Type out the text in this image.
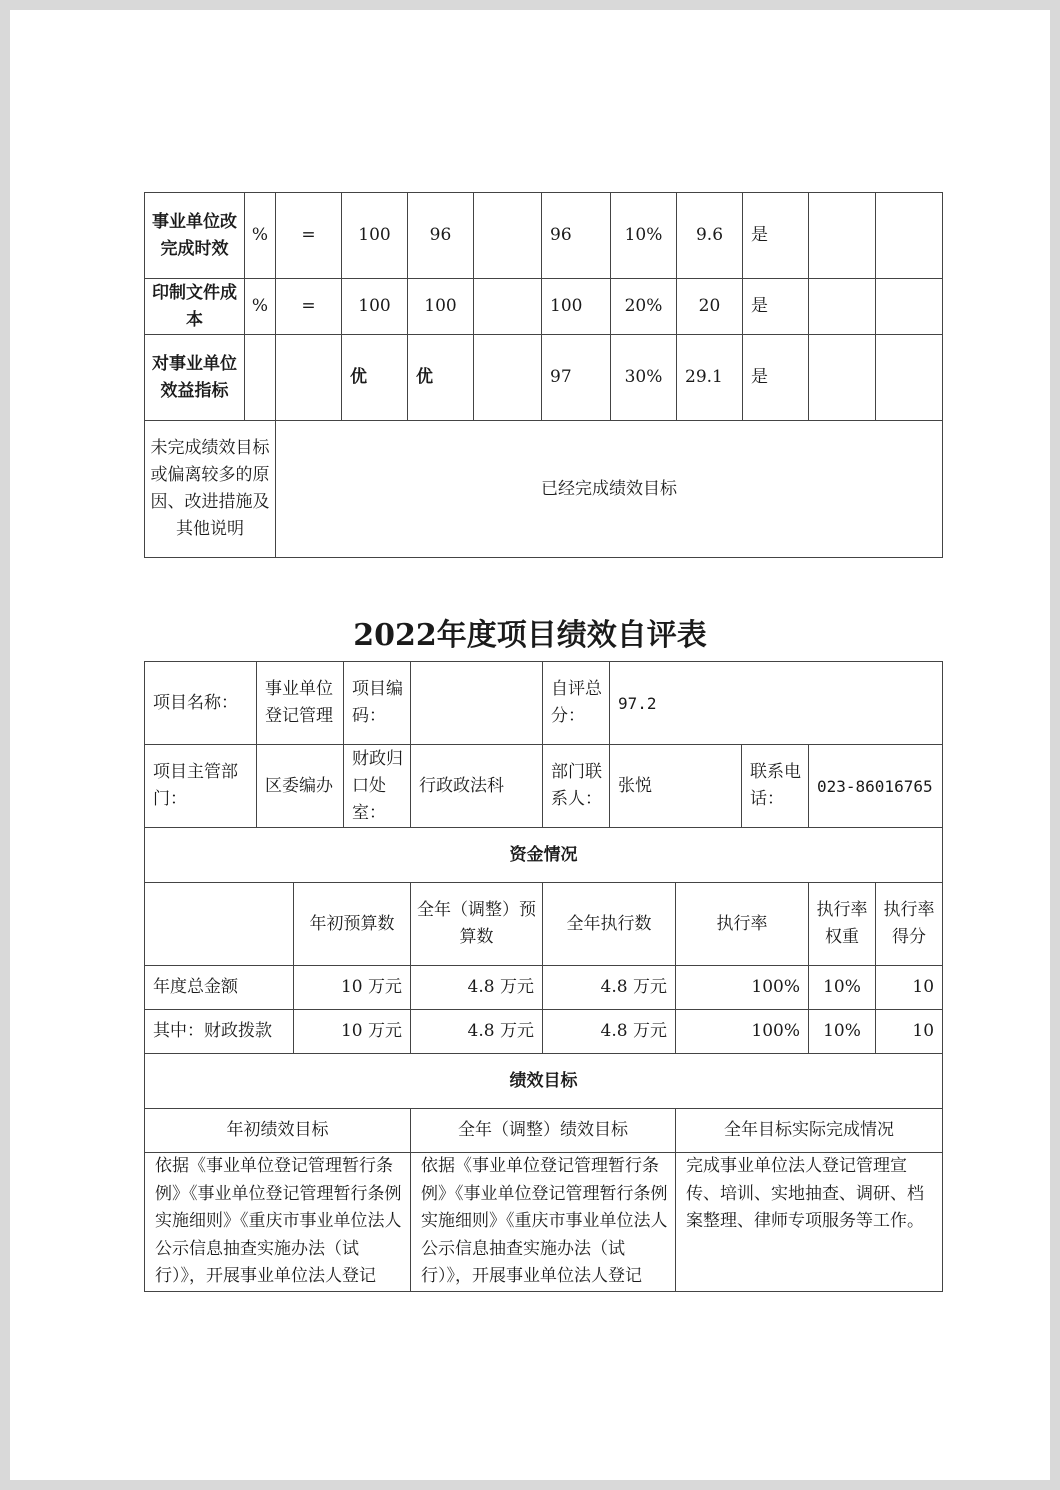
事业单位改完成时效	%	=	100	96		96	10%	9.6	是		
印制文件成本	%	=	100	100		100	20%	20	是		
对事业单位效益指标			优	优		97	30%	29.1	是		
未完成绩效目标或偏离较多的原因、改进措施及其他说明		已经完成绩效目标									
2022年度项目绩效自评表
项目名称：	事业单位登记管理		项目编码：		自评总分：	97.2				
项目主管部门：	区委编办		财政归口处室：	行政政法科	部门联系人：	张悦		联系电话：	023-86016765	
资金情况										
		年初预算数		全年（调整）预算数	全年执行数		执行率		执行率权重	执行率得分
年度总金额		10 万元		4.8 万元	4.8 万元		100%		10%	10
其中：财政拨款		10 万元		4.8 万元	4.8 万元		100%		10%	10
绩效目标										
年初绩效目标				全年（调整）绩效目标			全年目标实际完成情况			
依据《事业单位登记管理暂行条例》《事业单位登记管理暂行条例实施细则》《重庆市事业单位法人公示信息抽查实施办法（试行）》，开展事业单位法人登记				依据《事业单位登记管理暂行条例》《事业单位登记管理暂行条例实施细则》《重庆市事业单位法人公示信息抽查实施办法（试行）》，开展事业单位法人登记			完成事业单位法人登记管理宣传、培训、实地抽查、调研、档案整理、律师专项服务等工作。			
